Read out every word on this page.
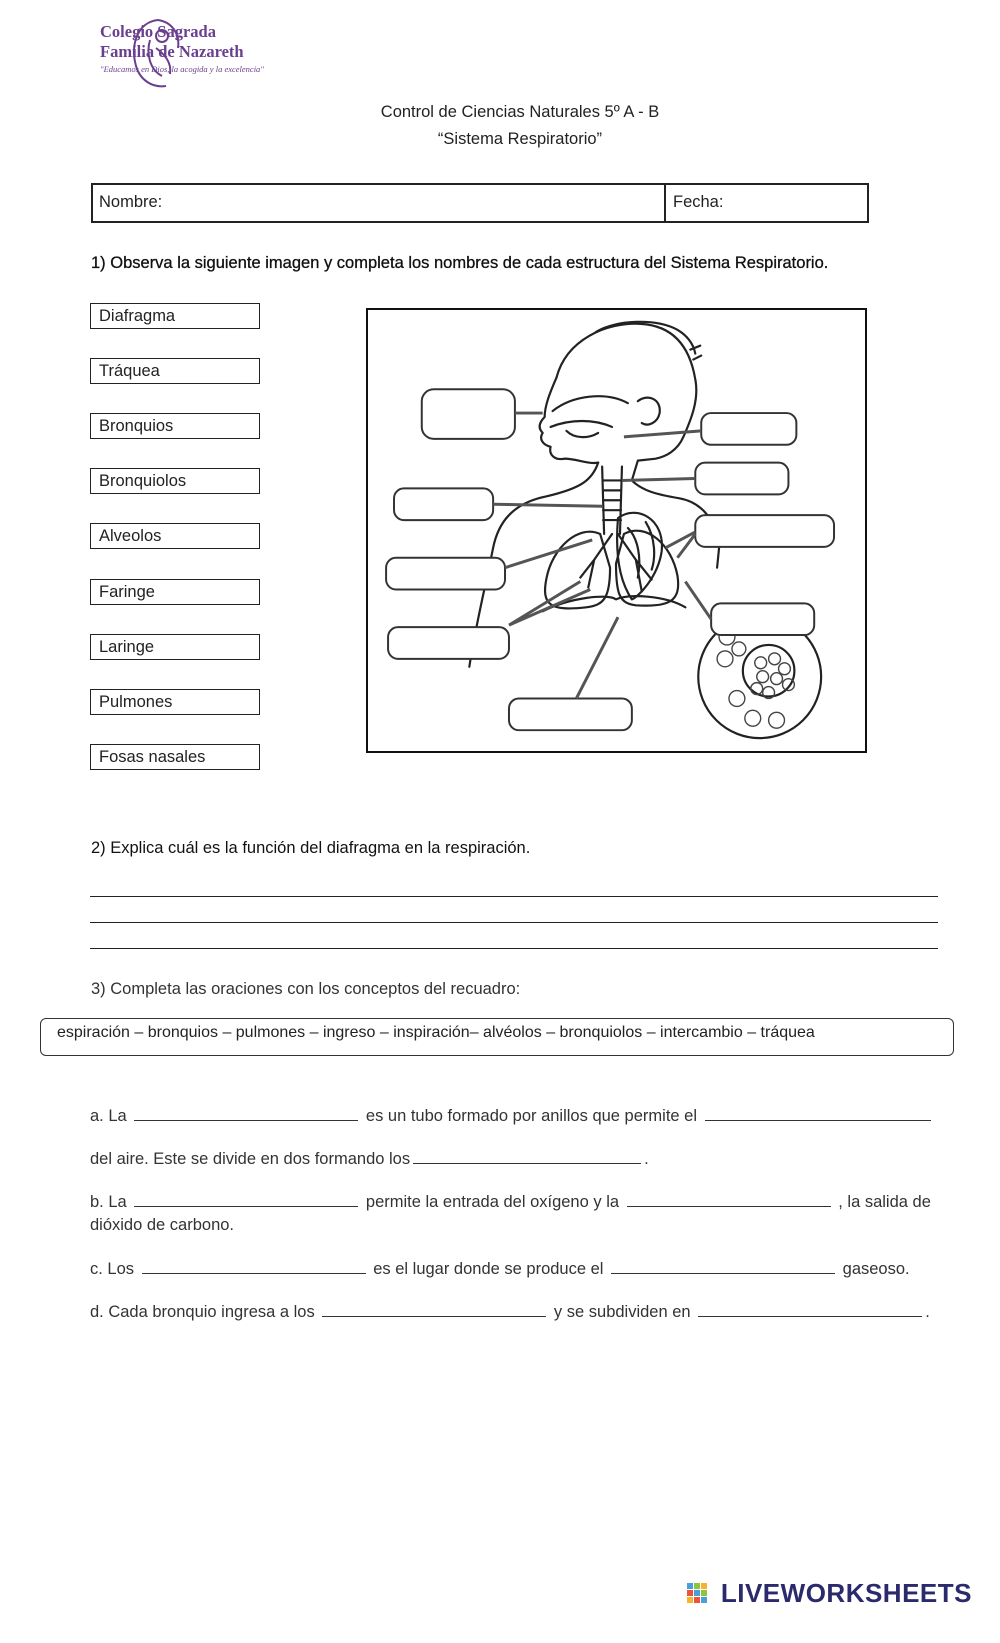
Colegio Sagrada
Familia de Nazareth
"Educamos en Dios, la acogida y la excelencia"
Control de Ciencias Naturales 5º A - B
“Sistema Respiratorio”
Nombre:	Fecha:
1) Observa la siguiente imagen y completa los nombres de cada estructura del Sistema Respiratorio.
Diafragma
Tráquea
Bronquios
Bronquiolos
Alveolos
Faringe
Laringe
Pulmones
Fosas nasales
2) Explica cuál es la función del diafragma en la respiración.
3) Completa las oraciones con los conceptos del recuadro:
espiración – bronquios – pulmones – ingreso – inspiración– alvéolos – bronquiolos – intercambio – tráquea
a. La	es un tubo formado por anillos que permite el
del aire. Este se divide en dos formando los	.
b. La	permite la entrada del oxígeno y la	, la salida de
dióxido de carbono.
c. Los	es el lugar donde se produce el	gaseoso.
d. Cada bronquio ingresa a los	y se subdividen en	.
LIVEWORKSHEETS
